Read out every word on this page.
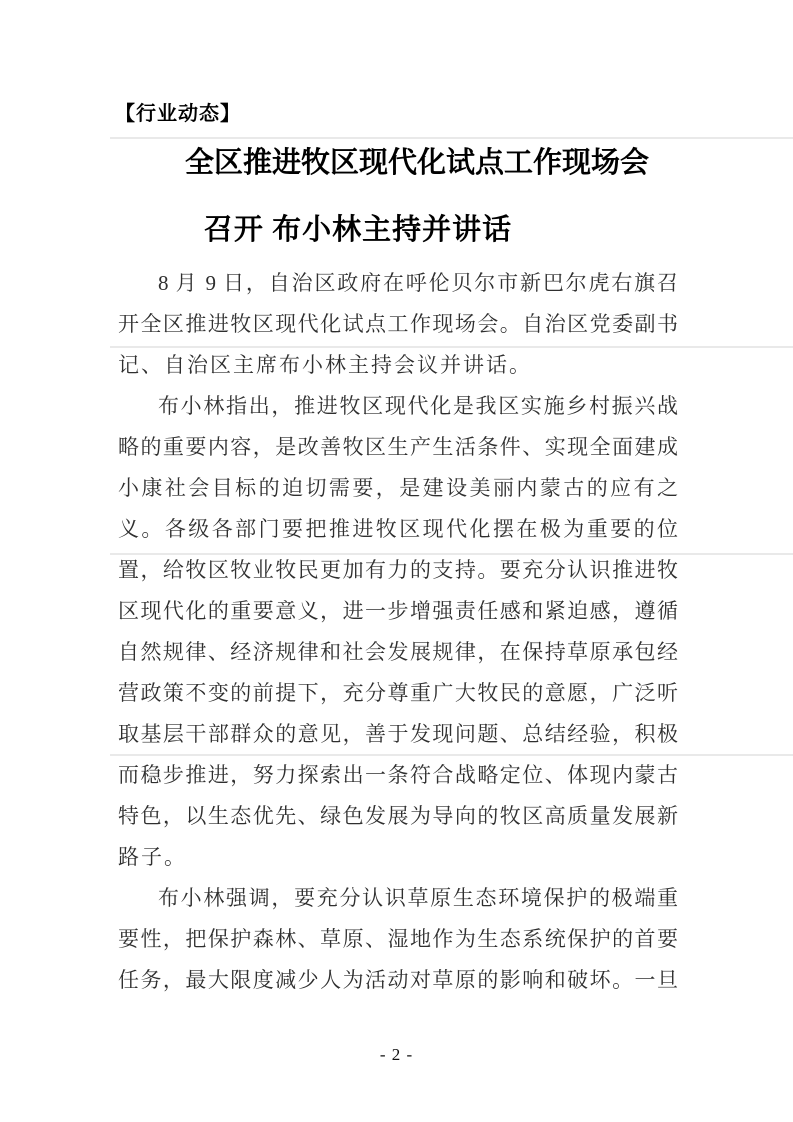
【行业动态】
全区推进牧区现代化试点工作现场会
召开 布小林主持并讲话
8 月 9 日，自治区政府在呼伦贝尔市新巴尔虎右旗召
开全区推进牧区现代化试点工作现场会。自治区党委副书
记、自治区主席布小林主持会议并讲话。
布小林指出，推进牧区现代化是我区实施乡村振兴战
略的重要内容，是改善牧区生产生活条件、实现全面建成
小康社会目标的迫切需要，是建设美丽内蒙古的应有之
义。各级各部门要把推进牧区现代化摆在极为重要的位
置，给牧区牧业牧民更加有力的支持。要充分认识推进牧
区现代化的重要意义，进一步增强责任感和紧迫感，遵循
自然规律、经济规律和社会发展规律，在保持草原承包经
营政策不变的前提下，充分尊重广大牧民的意愿，广泛听
取基层干部群众的意见，善于发现问题、总结经验，积极
而稳步推进，努力探索出一条符合战略定位、体现内蒙古
特色，以生态优先、绿色发展为导向的牧区高质量发展新
路子。
布小林强调，要充分认识草原生态环境保护的极端重
要性，把保护森林、草原、湿地作为生态系统保护的首要
任务，最大限度减少人为活动对草原的影响和破坏。一旦
- 2 -
